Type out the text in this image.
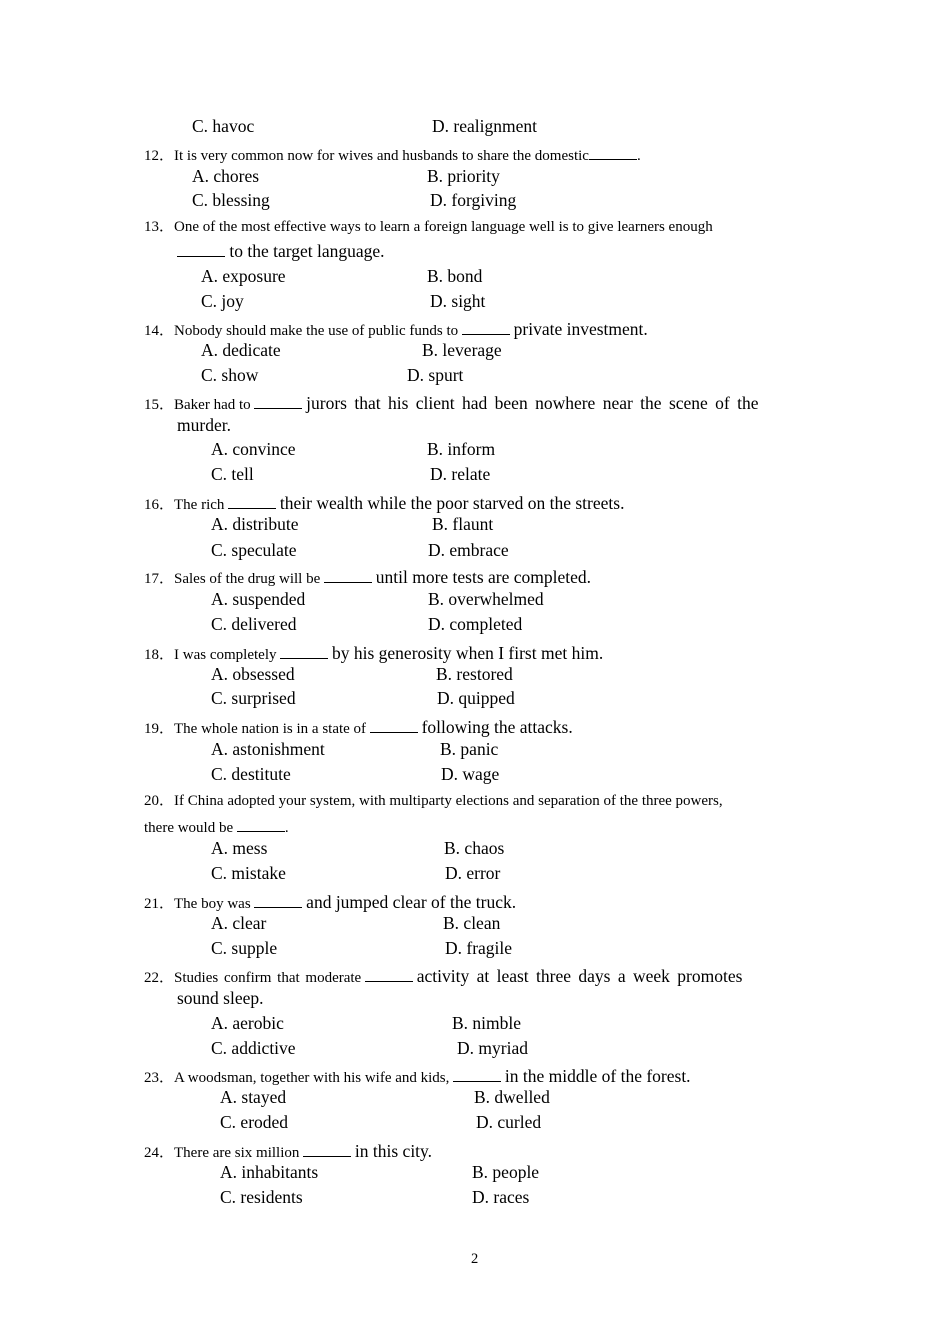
C. havoc	D. realignment
12．It is very common now for wives and husbands to share the domestic	.
A. chores	B. priority
C. blessing	D. forgiving
13．One of the most effective ways to learn a foreign language well is to give learners enough
to the target language.
A. exposure	B. bond
C. joy	D. sight
14．Nobody should make the use of public funds to	private investment.
A. dedicate	B. leverage
C. show	D. spurt
15．Baker had to	jurors that his client had been nowhere near the scene of the
murder.
A. convince	B. inform
C. tell	D. relate
16．The rich	their wealth while the poor starved on the streets.
A. distribute	B. flaunt
C. speculate	D. embrace
17．Sales of the drug will be	until more tests are completed.
A. suspended	B. overwhelmed
C. delivered	D. completed
18．I was completely	by his generosity when I first met him.
A. obsessed	B. restored
C. surprised	D. quipped
19．The whole nation is in a state of	following the attacks.
A. astonishment	B. panic
C. destitute	D. wage
20．If China adopted your system, with multiparty elections and separation of the three powers,
there would be	.
A. mess	B. chaos
C. mistake	D. error
21．The boy was	and jumped clear of the truck.
A. clear	B. clean
C. supple	D. fragile
22．Studies confirm that moderate	activity at least three days a week promotes
sound sleep.
A. aerobic	B. nimble
C. addictive	D. myriad
23．A woodsman, together with his wife and kids,	in the middle of the forest.
A. stayed	B. dwelled
C. eroded	D. curled
24．There are six million	in this city.
A. inhabitants	B. people
C. residents	D. races
2
